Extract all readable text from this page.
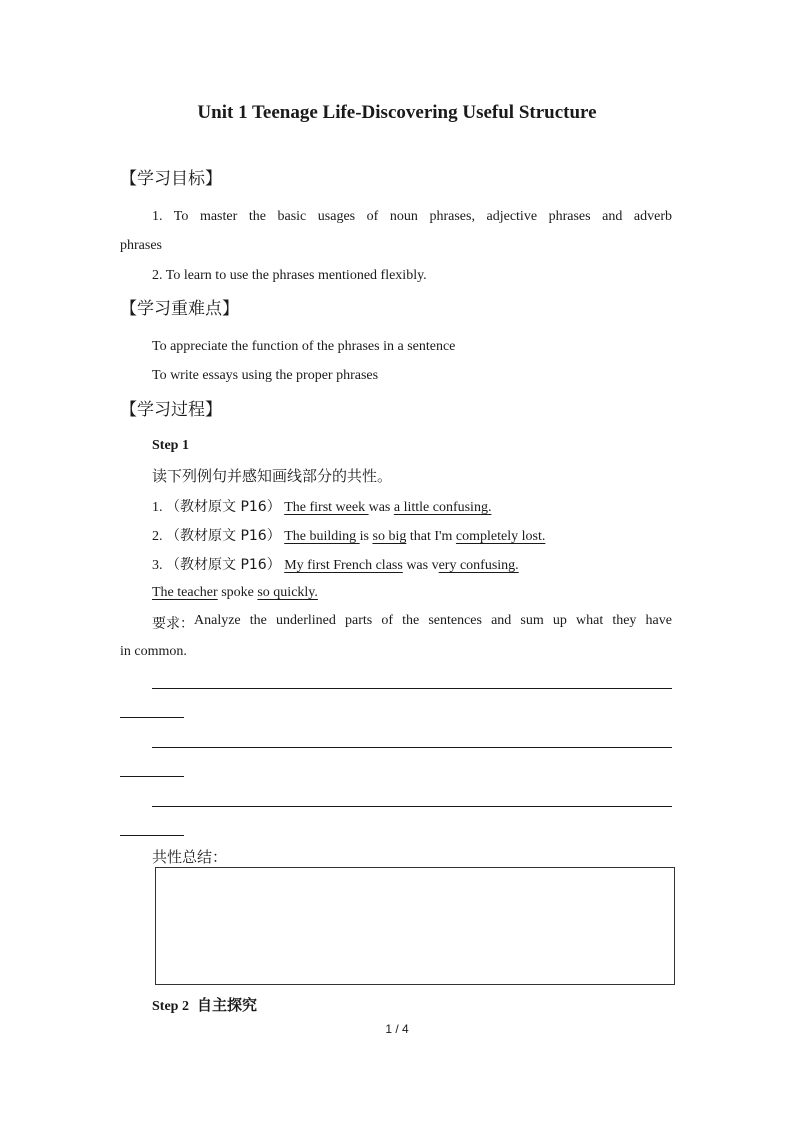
Unit 1 Teenage Life-Discovering Useful Structure
【学习目标】
1. To master the basic usages of noun phrases, adjective phrases and adverb
phrases
2. To learn to use the phrases mentioned flexibly.
【学习重难点】
To appreciate the function of the phrases in a sentence
To write essays using the proper phrases
【学习过程】
Step 1
读下列例句并感知画线部分的共性。
1. （教材原文 P16） The first week was a little confusing.
2. （教材原文 P16） The building is so big that I'm completely lost.
3. （教材原文 P16） My first French class was very confusing.
The teacher spoke so quickly.
要求： Analyze the underlined parts of the sentences and sum up what they have
in common.
共性总结：
Step 2 自主探究
1 / 4
